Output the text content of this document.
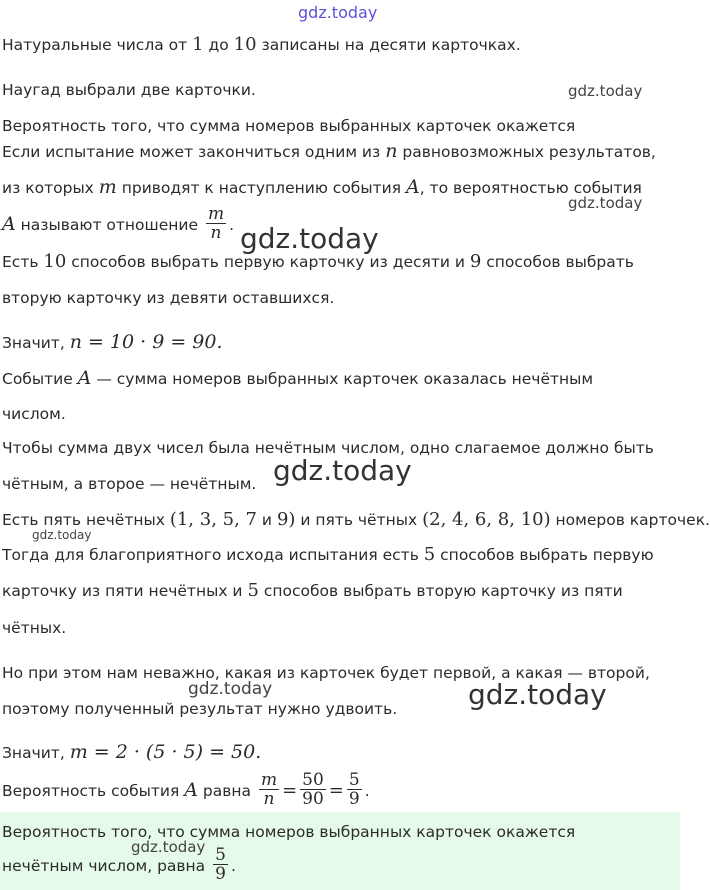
gdz.today
gdz.today
gdz.today
gdz.today
gdz.today
gdz.today
gdz.today	gdz.today
gdz.today
Натуральные числа от 1 до 10 записаны на десяти карточках.
Наугад выбрали две карточки.
Вероятность того, что сумма номеров выбранных карточек окажется
Если испытание может закончиться одним из n равновозможных результатов,
из которых m приводят к наступлению события A, то вероятностью события
A называют отношение $\frac{m}{n}$ .
Есть 10 способов выбрать первую карточку из десяти и 9 способов выбрать
вторую карточку из девяти оставшихся.
Значит, n = 10 · 9 = 90.
Событие A — сумма номеров выбранных карточек оказалась нечётным
числом.
Чтобы сумма двух чисел была нечётным числом, одно слагаемое должно быть
чётным, а второе — нечётным.
Есть пять нечётных (1, 3, 5, 7 и 9) и пять чётных (2, 4, 6, 8, 10) номеров карточек.
Тогда для благоприятного исхода испытания есть 5 способов выбрать первую
карточку из пяти нечётных и 5 способов выбрать вторую карточку из пяти
чётных.
Но при этом нам неважно, какая из карточек будет первой, а какая — второй,
поэтому полученный результат нужно удвоить.
Значит, m = 2 · (5 · 5) = 50.
Вероятность события A равна $\frac{m}{n} = \frac{50}{90} = \frac{5}{9}$ .
Вероятность того, что сумма номеров выбранных карточек окажется
нечётным числом, равна $\frac{5}{9}$ .
